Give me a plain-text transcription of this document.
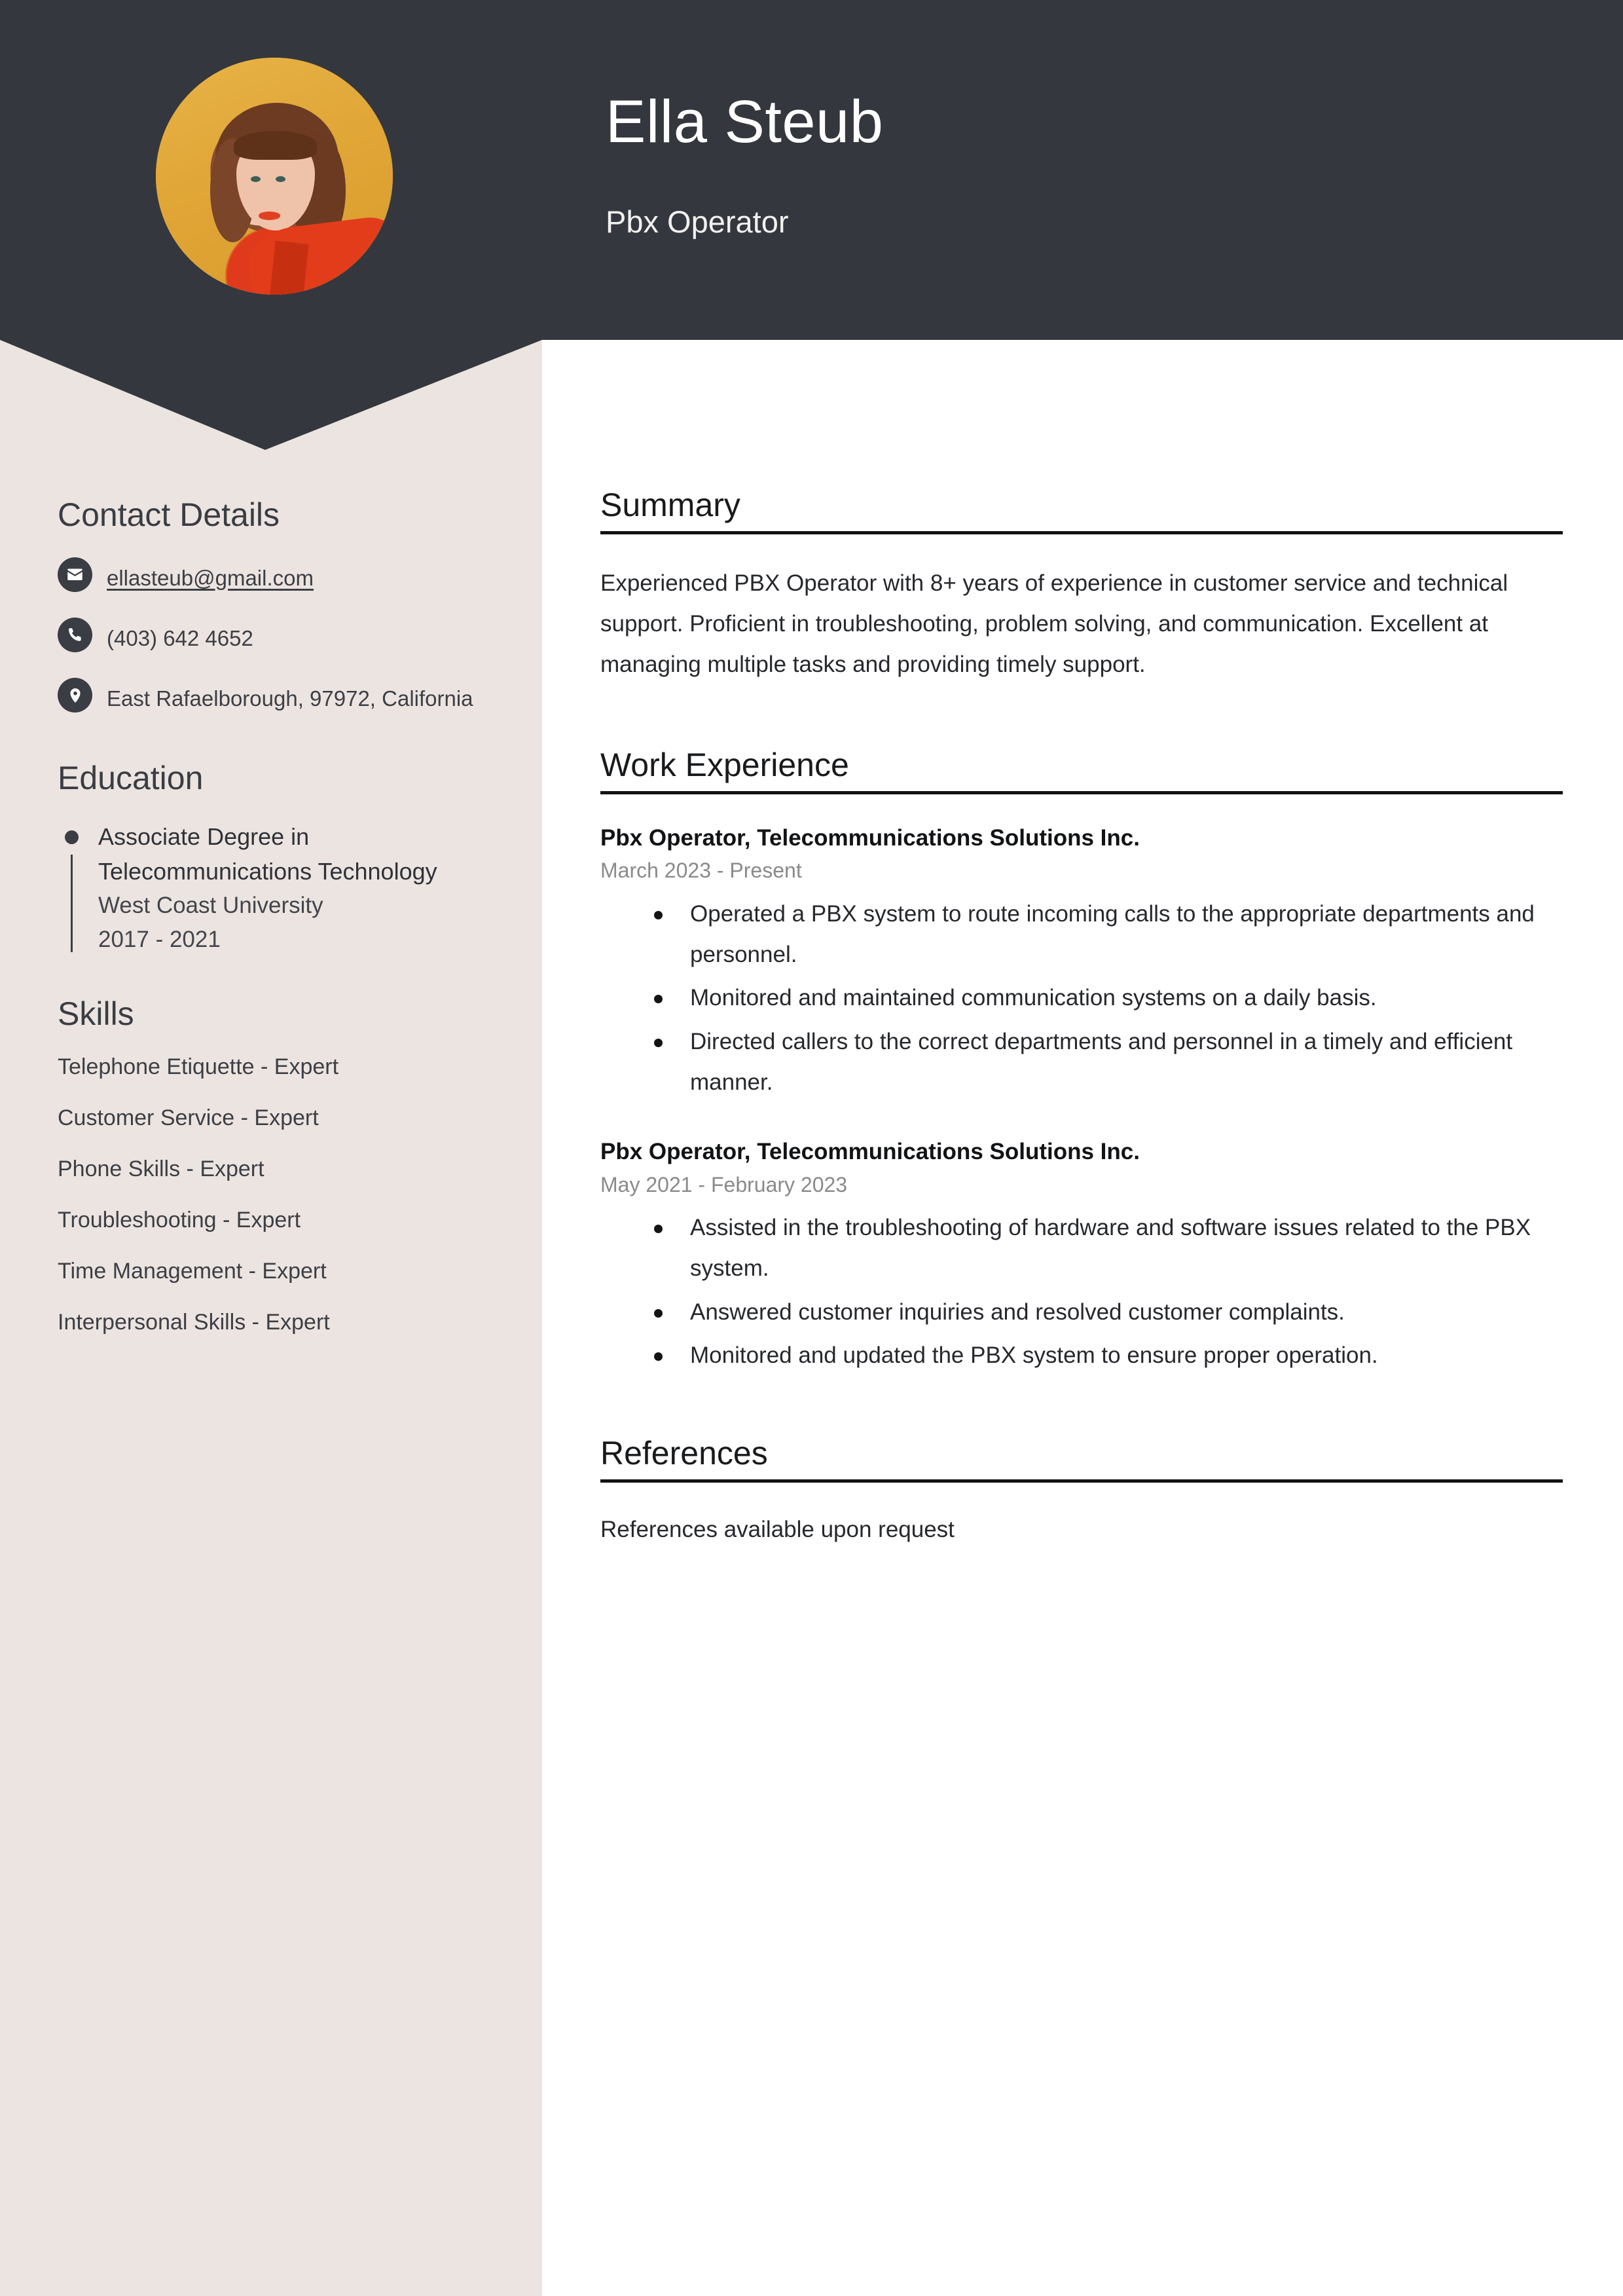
Ella Steub
Pbx Operator
Contact Details
ellasteub@gmail.com
(403) 642 4652
East Rafaelborough, 97972, California
Education

Associate Degree in Telecommunications Technology

West Coast University

2017 - 2021

Skills
Telephone Etiquette - Expert
Customer Service - Expert
Phone Skills - Expert
Troubleshooting - Expert
Time Management - Expert
Interpersonal Skills - Expert
Summary

Experienced PBX Operator with 8+ years of experience in customer service and technical support. Proficient in troubleshooting, problem solving, and communication. Excellent at managing multiple tasks and providing timely support.

Work Experience

Pbx Operator, Telecommunications Solutions Inc.

March 2023 - Present

Operated a PBX system to route incoming calls to the appropriate departments and personnel.
Monitored and maintained communication systems on a daily basis.
Directed callers to the correct departments and personnel in a timely and efficient manner.

Pbx Operator, Telecommunications Solutions Inc.

May 2021 - February 2023

Assisted in the troubleshooting of hardware and software issues related to the PBX system.
Answered customer inquiries and resolved customer complaints.
Monitored and updated the PBX system to ensure proper operation.
References

References available upon request
